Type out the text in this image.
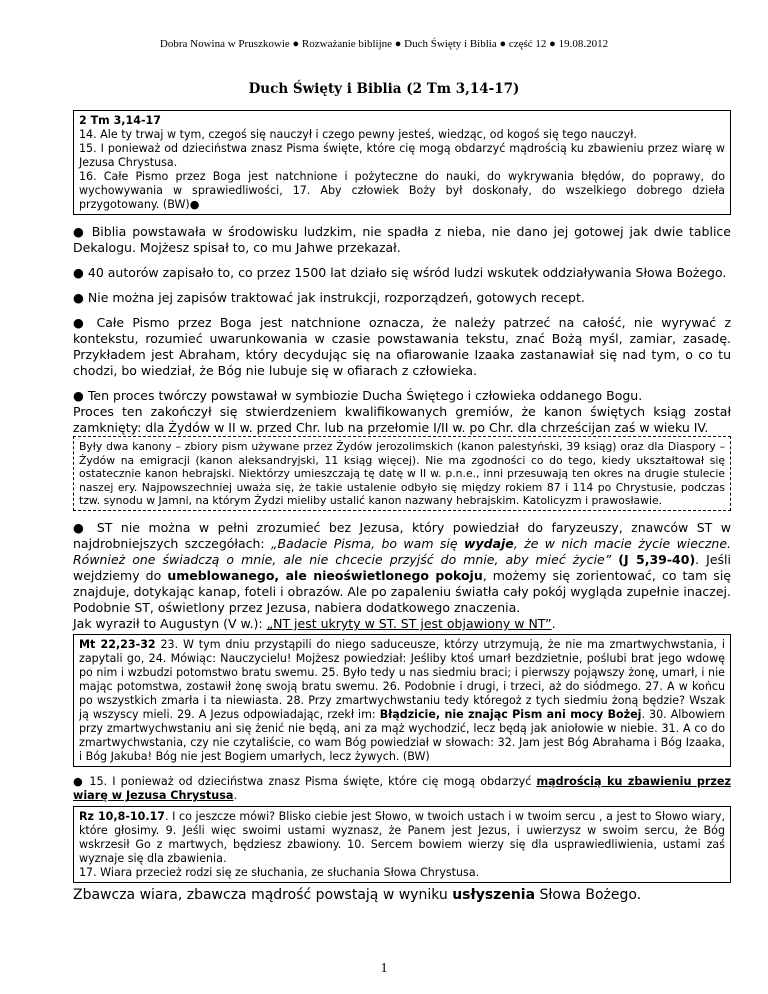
Dobra Nowina w Pruszkowie ● Rozważanie biblijne ● Duch Święty i Biblia ● część 12 ● 19.08.2012
Duch Święty i Biblia (2 Tm 3,14-17)
2 Tm 3,14-17
14. Ale ty trwaj w tym, czegoś się nauczył i czego pewny jesteś, wiedząc, od kogoś się tego nauczył.
15. I ponieważ od dzieciństwa znasz Pisma święte, które cię mogą obdarzyć mądrością ku zbawieniu przez wiarę w Jezusa Chrystusa.
16. Całe Pismo przez Boga jest natchnione i pożyteczne do nauki, do wykrywania błędów, do poprawy, do wychowywania w sprawiedliwości, 17. Aby człowiek Boży był doskonały, do wszelkiego dobrego dzieła przygotowany. (BW)●

● Biblia powstawała w środowisku ludzkim, nie spadła z nieba, nie dano jej gotowej jak dwie tablice Dekalogu. Mojżesz spisał to, co mu Jahwe przekazał.

● 40 autorów zapisało to, co przez 1500 lat działo się wśród ludzi wskutek oddziaływania Słowa Bożego.

● Nie można jej zapisów traktować jak instrukcji, rozporządzeń, gotowych recept.

● Całe Pismo przez Boga jest natchnione oznacza, że należy patrzeć na całość, nie wyrywać z kontekstu, rozumieć uwarunkowania w czasie powstawania tekstu, znać Bożą myśl, zamiar, zasadę. Przykładem jest Abraham, który decydując się na ofiarowanie Izaaka zastanawiał się nad tym, o co tu chodzi, bo wiedział, że Bóg nie lubuje się w ofiarach z człowieka.

● Ten proces twórczy powstawał w symbiozie Ducha Świętego i człowieka oddanego Bogu.

Proces ten zakończył się stwierdzeniem kwalifikowanych gremiów, że kanon świętych ksiąg został zamknięty: dla Żydów w II w. przed Chr. lub na przełomie I/II w. po Chr. dla chrześcijan zaś w wieku IV.

Były dwa kanony – zbiory pism używane przez Żydów jerozolimskich (kanon palestyński, 39 ksiąg) oraz dla Diaspory – Żydów na emigracji (kanon aleksandryjski, 11 ksiąg więcej). Nie ma zgodności co do tego, kiedy ukształtował się ostatecznie kanon hebrajski. Niektórzy umieszczają tę datę w II w. p.n.e., inni przesuwają ten okres na drugie stulecie naszej ery. Najpowszechniej uważa się, że takie ustalenie odbyło się między rokiem 87 i 114 po Chrystusie, podczas tzw. synodu w Jamni, na którym Żydzi mieliby ustalić kanon nazwany hebrajskim. Katolicyzm i prawosławie.

● ST nie można w pełni zrozumieć bez Jezusa, który powiedział do faryzeuszy, znawców ST w najdrobniejszych szczegółach: „Badacie Pisma, bo wam się wydaje, że w nich macie życie wieczne. Również one świadczą o mnie, ale nie chcecie przyjść do mnie, aby mieć życie” (J 5,39-40). Jeśli wejdziemy do umeblowanego, ale nieoświetlonego pokoju, możemy się zorientować, co tam się znajduje, dotykając kanap, foteli i obrazów. Ale po zapaleniu światła cały pokój wygląda zupełnie inaczej. Podobnie ST, oświetlony przez Jezusa, nabiera dodatkowego znaczenia.
Jak wyraził to Augustyn (V w.): „NT jest ukryty w ST. ST jest objawiony w NT”.

Mt 22,23-32 23. W tym dniu przystąpili do niego saduceusze, którzy utrzymują, że nie ma zmartwychwstania, i zapytali go, 24. Mówiąc: Nauczycielu! Mojżesz powiedział: Jeśliby ktoś umarł bezdzietnie, poślubi brat jego wdowę po nim i wzbudzi potomstwo bratu swemu. 25. Było tedy u nas siedmiu braci; i pierwszy pojąwszy żonę, umarł, i nie mając potomstwa, zostawił żonę swoją bratu swemu. 26. Podobnie i drugi, i trzeci, aż do siódmego. 27. A w końcu po wszystkich zmarła i ta niewiasta. 28. Przy zmartwychwstaniu tedy któregoż z tych siedmiu żoną będzie? Wszak ją wszyscy mieli. 29. A Jezus odpowiadając, rzekł im: Błądzicie, nie znając Pism ani mocy Bożej. 30. Albowiem przy zmartwychwstaniu ani się żenić nie będą, ani za mąż wychodzić, lecz będą jak aniołowie w niebie. 31. A co do zmartwychwstania, czy nie czytaliście, co wam Bóg powiedział w słowach: 32. Jam jest Bóg Abrahama i Bóg Izaaka, i Bóg Jakuba! Bóg nie jest Bogiem umarłych, lecz żywych. (BW)

● 15. I ponieważ od dzieciństwa znasz Pisma święte, które cię mogą obdarzyć mądrością ku zbawieniu przez wiarę w Jezusa Chrystusa.

Rz 10,8-10.17. I co jeszcze mówi? Blisko ciebie jest Słowo, w twoich ustach i w twoim sercu , a jest to Słowo wiary, które głosimy. 9. Jeśli więc swoimi ustami wyznasz, że Panem jest Jezus, i uwierzysz w swoim sercu, że Bóg wskrzesił Go z martwych, będziesz zbawiony. 10. Sercem bowiem wierzy się dla usprawiedliwienia, ustami zaś wyznaje się dla zbawienia.
17. Wiara przecież rodzi się ze słuchania, ze słuchania Słowa Chrystusa.

Zbawcza wiara, zbawcza mądrość powstają w wyniku usłyszenia Słowa Bożego.

1
